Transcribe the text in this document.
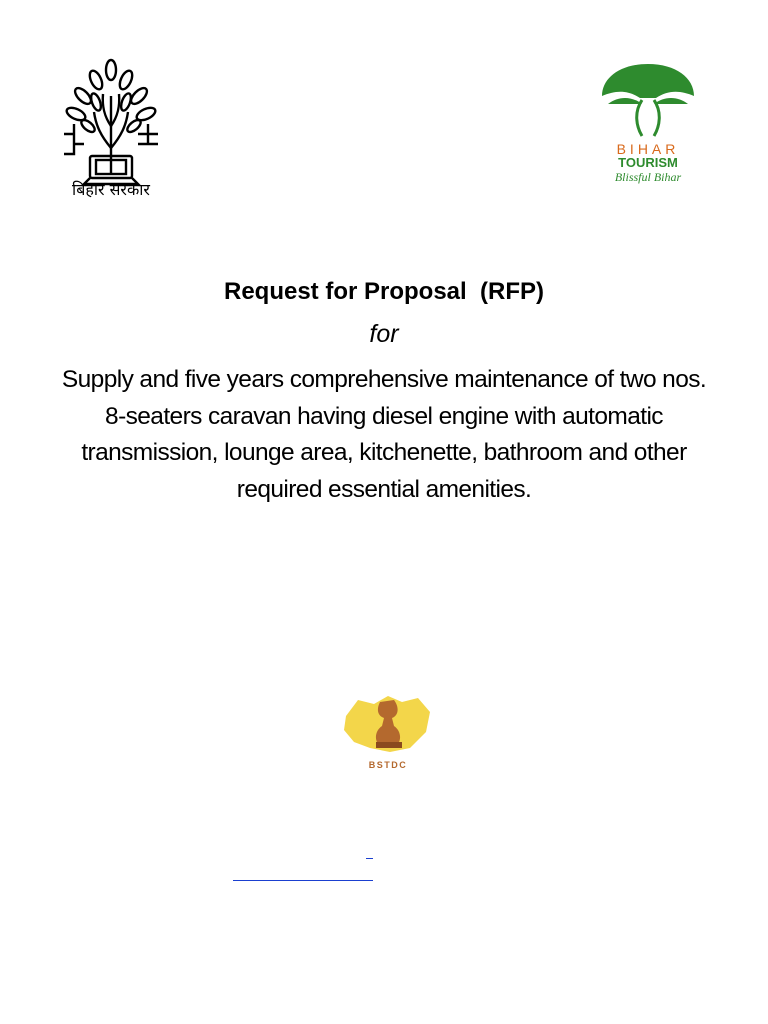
बिहार सरकार
BIHAR
TOURISM
Blissful Bihar
Request for Proposal  (RFP)
for
Supply and five years comprehensive maintenance of two nos. 8-seaters caravan having diesel engine with automatic transmission, lounge area, kitchenette, bathroom and other required essential amenities.
BSTDC
